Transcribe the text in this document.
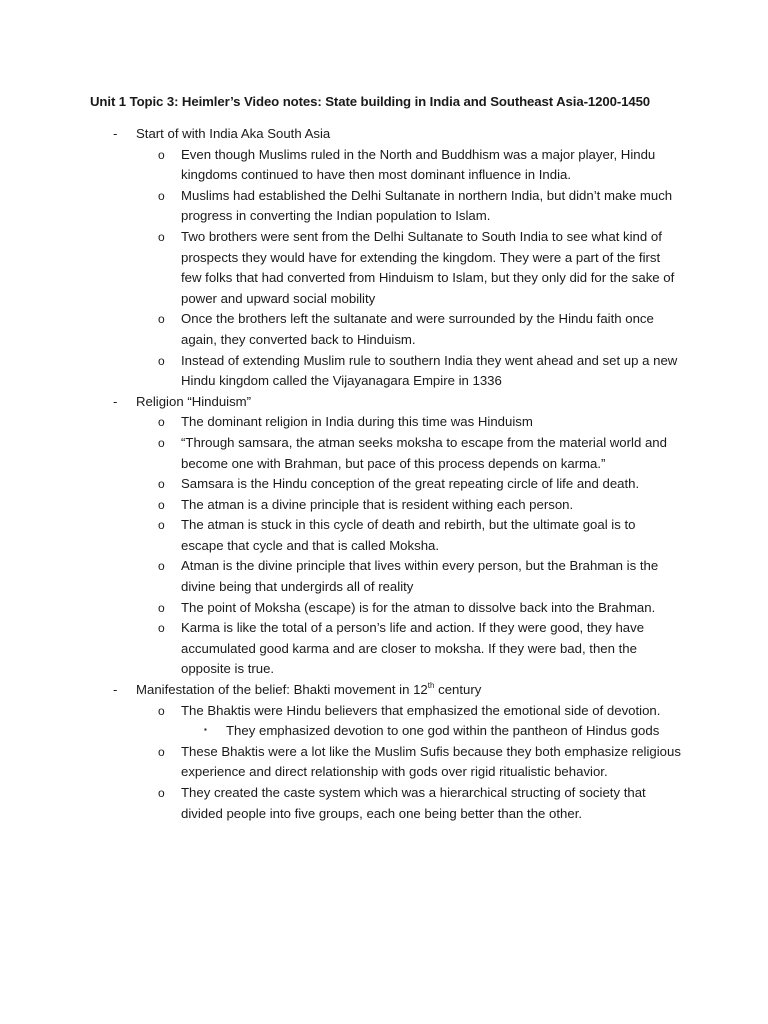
Unit 1 Topic 3: Heimler’s Video notes: State building in India and Southeast Asia-1200-1450
- Start of with India Aka South Asia
o Even though Muslims ruled in the North and Buddhism was a major player, Hindu kingdoms continued to have then most dominant influence in India.
o Muslims had established the Delhi Sultanate in northern India, but didn’t make much progress in converting the Indian population to Islam.
o Two brothers were sent from the Delhi Sultanate to South India to see what kind of prospects they would have for extending the kingdom. They were a part of the first few folks that had converted from Hinduism to Islam, but they only did for the sake of power and upward social mobility
o Once the brothers left the sultanate and were surrounded by the Hindu faith once again, they converted back to Hinduism.
o Instead of extending Muslim rule to southern India they went ahead and set up a new Hindu kingdom called the Vijayanagara Empire in 1336
- Religion “Hinduism”
o The dominant religion in India during this time was Hinduism
o “Through samsara, the atman seeks moksha to escape from the material world and become one with Brahman, but pace of this process depends on karma.”
o Samsara is the Hindu conception of the great repeating circle of life and death.
o The atman is a divine principle that is resident withing each person.
o The atman is stuck in this cycle of death and rebirth, but the ultimate goal is to escape that cycle and that is called Moksha.
o Atman is the divine principle that lives within every person, but the Brahman is the divine being that undergirds all of reality
o The point of Moksha (escape) is for the atman to dissolve back into the Brahman.
o Karma is like the total of a person’s life and action. If they were good, they have accumulated good karma and are closer to moksha. If they were bad, then the opposite is true.
- Manifestation of the belief: Bhakti movement in 12th century
o The Bhaktis were Hindu believers that emphasized the emotional side of devotion.
▪ They emphasized devotion to one god within the pantheon of Hindus gods
o These Bhaktis were a lot like the Muslim Sufis because they both emphasize religious experience and direct relationship with gods over rigid ritualistic behavior.
o They created the caste system which was a hierarchical structing of society that divided people into five groups, each one being better than the other.
